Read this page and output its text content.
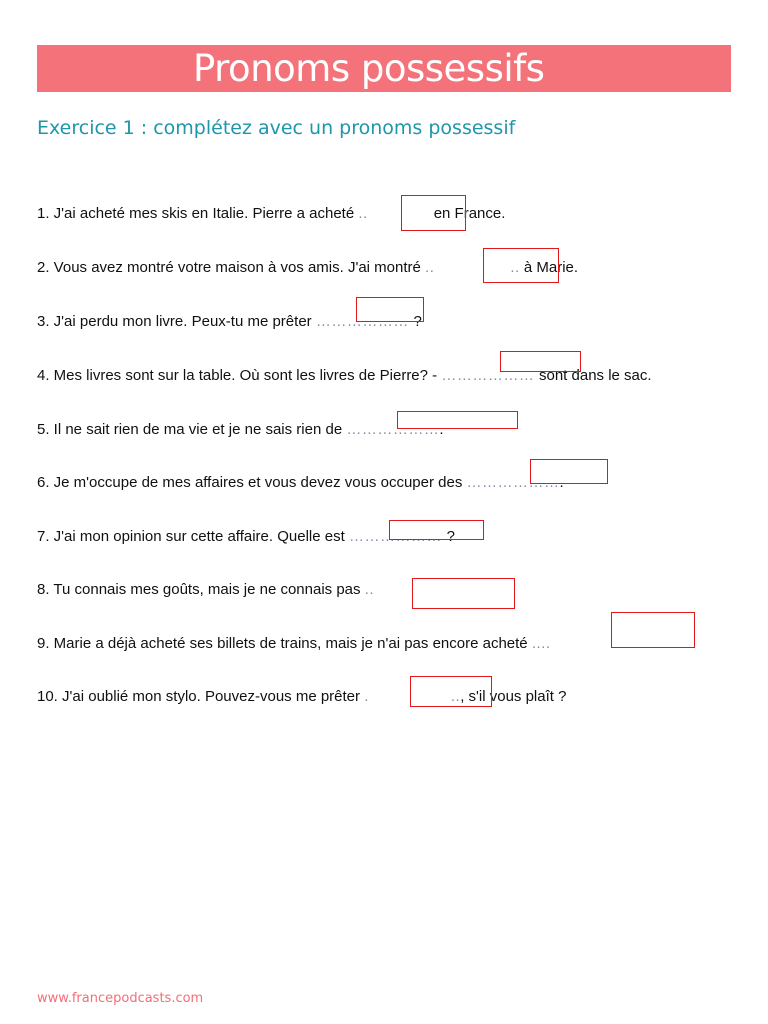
Pronoms possessifs
Exercice 1 : complétez avec un pronoms possessif
1. J'ai acheté mes skis en Italie. Pierre a acheté ..	en France.
2. Vous avez montré votre maison à vos amis. J'ai montré ..	.. à Marie.
3. J'ai perdu mon livre. Peux-tu me prêter ……………… ?
4. Mes livres sont sur la table. Où sont les livres de Pierre? - ……………… sont dans le sac.
5. Il ne sait rien de ma vie et je ne sais rien de ……………….
6. Je m'occupe de mes affaires et vous devez vous occuper des ……………….
7. J'ai mon opinion sur cette affaire. Quelle est ……………… ?
8. Tu connais mes goûts, mais je ne connais pas ..
9. Marie a déjà acheté ses billets de trains, mais je n'ai pas encore acheté ....
10. J'ai oublié mon stylo. Pouvez-vous me prêter .	.., s'il vous plaît ?
www.francepodcasts.com
